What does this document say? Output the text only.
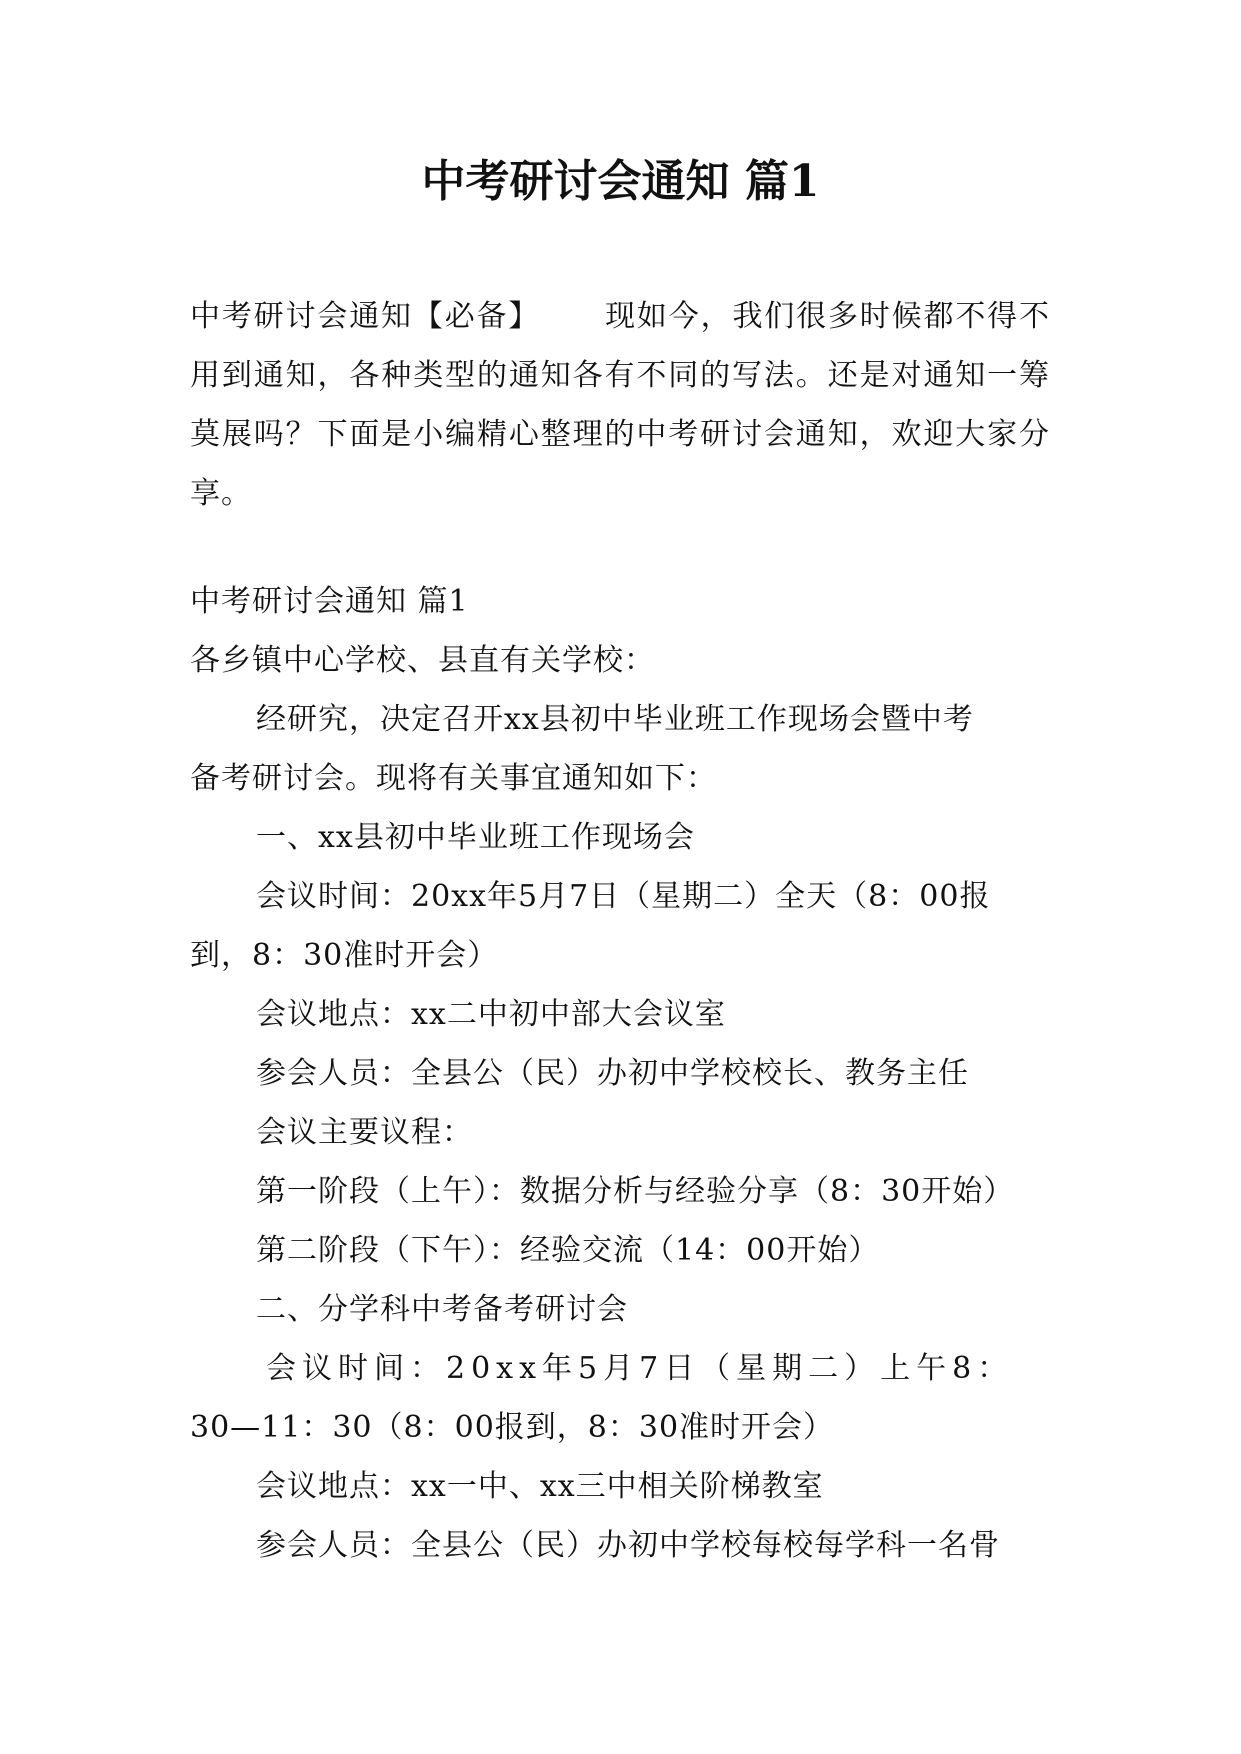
中考研讨会通知 篇1
中考研讨会通知【必备】 现如今，我们很多时候都不得不用到通知，各种类型的通知各有不同的写法。还是对通知一筹莫展吗？下面是小编精心整理的中考研讨会通知，欢迎大家分享。
中考研讨会通知 篇1
各乡镇中心学校、县直有关学校：
经研究，决定召开xx县初中毕业班工作现场会暨中考
备考研讨会。现将有关事宜通知如下：
一、xx县初中毕业班工作现场会
会议时间：20xx年5月7日（星期二）全天（8：00报
到，8：30准时开会）
会议地点：xx二中初中部大会议室
参会人员：全县公（民）办初中学校校长、教务主任
会议主要议程：
第一阶段（上午）：数据分析与经验分享（8：30开始）
第二阶段（下午）：经验交流（14：00开始）
二、分学科中考备考研讨会
会议时间：20xx年5月7日（星期二）上午8：
30—11：30（8：00报到，8：30准时开会）
会议地点：xx一中、xx三中相关阶梯教室
参会人员：全县公（民）办初中学校每校每学科一名骨
